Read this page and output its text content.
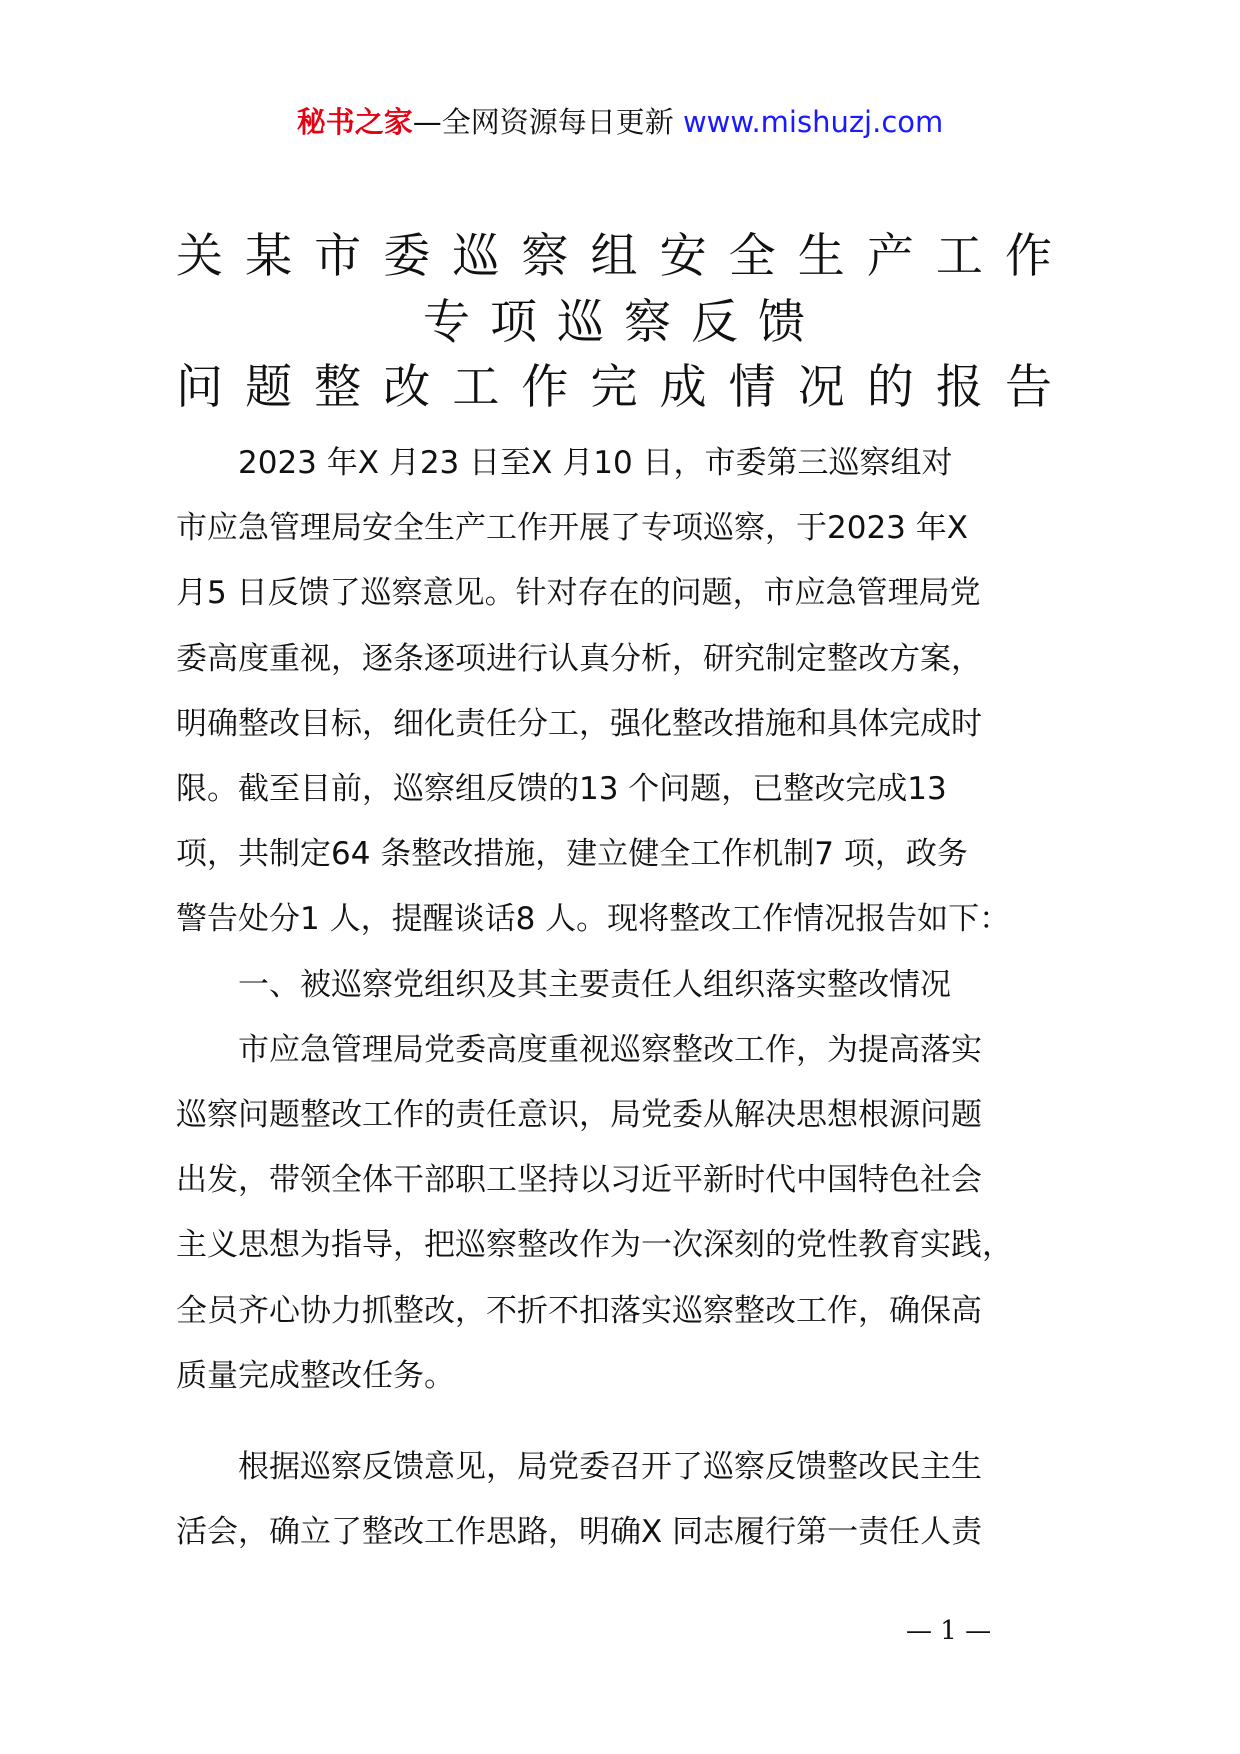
秘书之家—全网资源每日更新 www.mishuzj.com
关某市委巡察组安全生产工作
专项巡察反馈
问题整改工作完成情况的报告

2023 年X 月23 日至X 月10 日，市委第三巡察组对

市应急管理局安全生产工作开展了专项巡察，于2023 年X

月5 日反馈了巡察意见。针对存在的问题，市应急管理局党

委高度重视，逐条逐项进行认真分析，研究制定整改方案，

明确整改目标，细化责任分工，强化整改措施和具体完成时

限。截至目前，巡察组反馈的13 个问题，已整改完成13

项，共制定64 条整改措施，建立健全工作机制7 项，政务

警告处分1 人，提醒谈话8 人。现将整改工作情况报告如下：

一、被巡察党组织及其主要责任人组织落实整改情况

市应急管理局党委高度重视巡察整改工作，为提高落实

巡察问题整改工作的责任意识，局党委从解决思想根源问题

出发，带领全体干部职工坚持以习近平新时代中国特色社会

主义思想为指导，把巡察整改作为一次深刻的党性教育实践，

全员齐心协力抓整改，不折不扣落实巡察整改工作，确保高

质量完成整改任务。

根据巡察反馈意见，局党委召开了巡察反馈整改民主生

活会，确立了整改工作思路，明确X 同志履行第一责任人责

— 1 —
